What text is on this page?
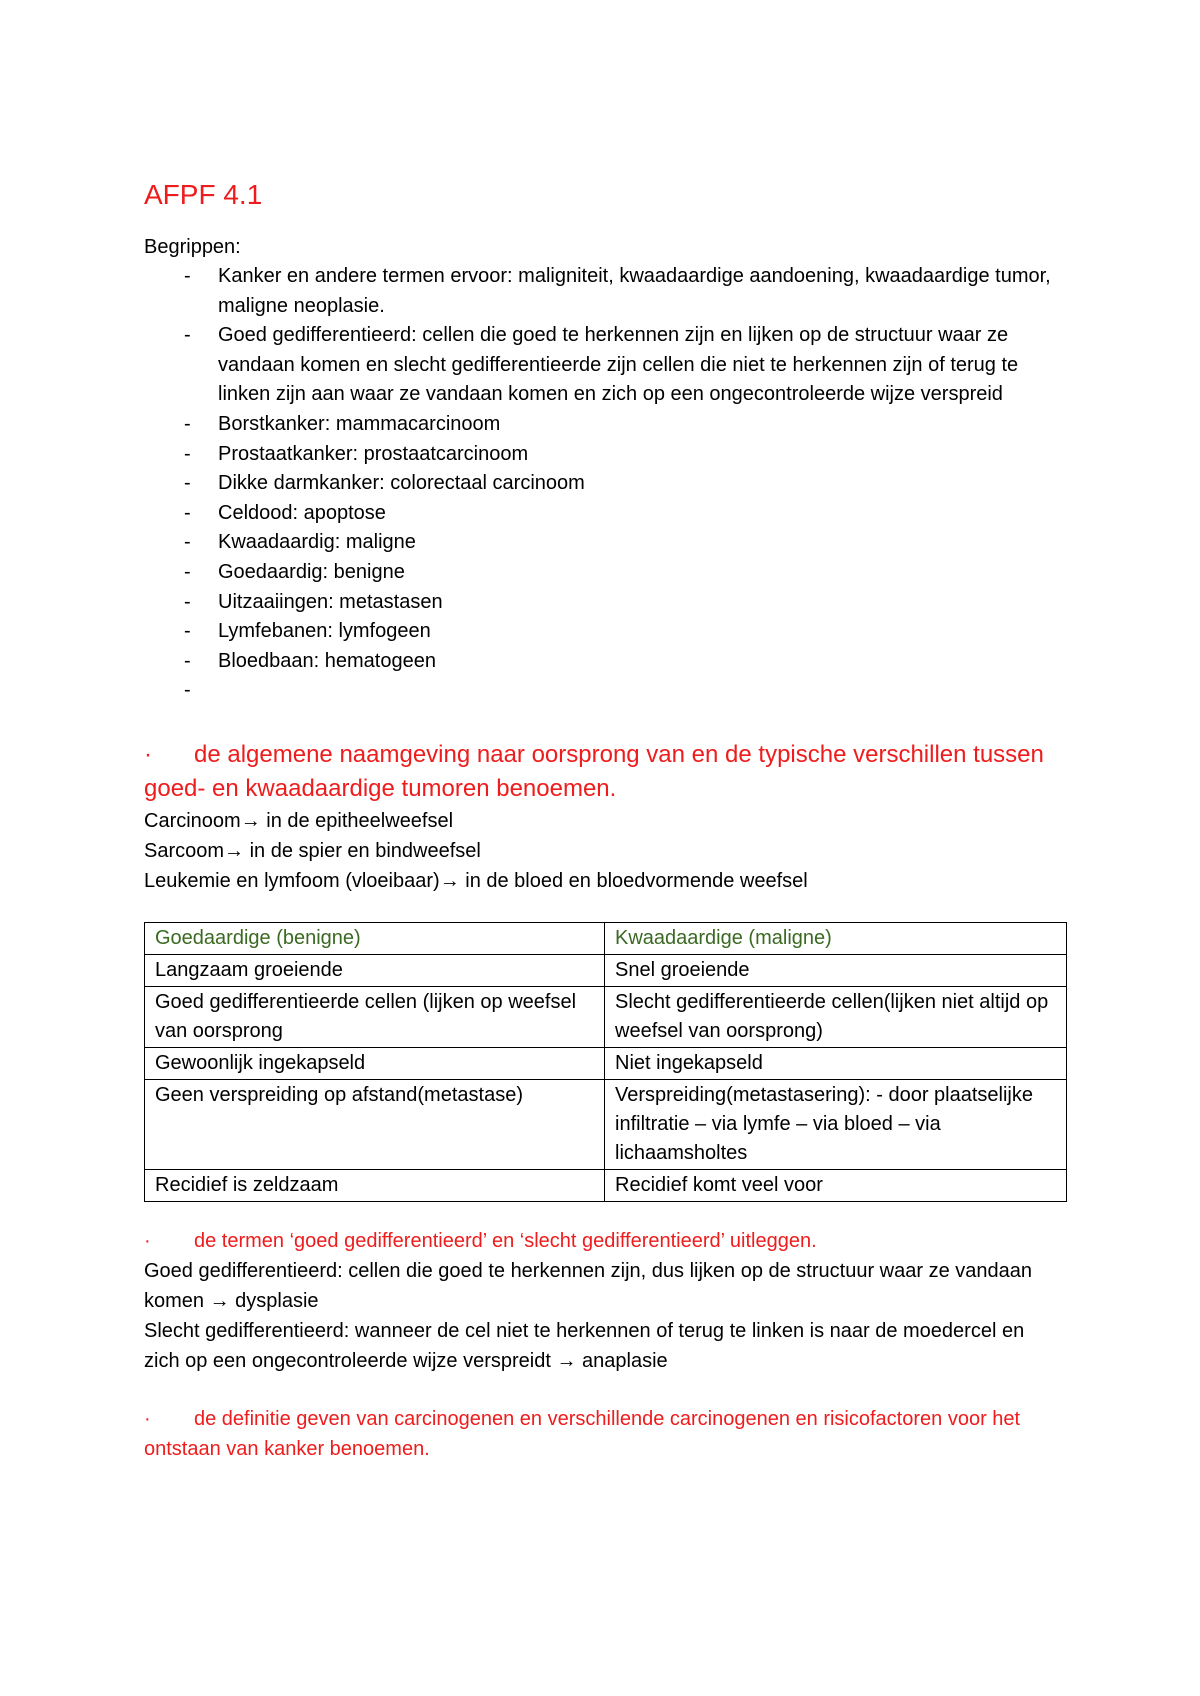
AFPF 4.1

Begrippen:

- Kanker en andere termen ervoor: maligniteit, kwaadaardige aandoening, kwaadaardige tumor, maligne neoplasie.
- Goed gedifferentieerd: cellen die goed te herkennen zijn en lijken op de structuur waar ze vandaan komen en slecht gedifferentieerde zijn cellen die niet te herkennen zijn of terug te linken zijn aan waar ze vandaan komen en zich op een ongecontroleerde wijze verspreid
- Borstkanker: mammacarcinoom
- Prostaatkanker: prostaatcarcinoom
- Dikke darmkanker: colorectaal carcinoom
- Celdood: apoptose
- Kwaadaardig: maligne
- Goedaardig: benigne
- Uitzaaiingen: metastasen
- Lymfebanen: lymfogeen
- Bloedbaan: hematogeen
-

·	de algemene naamgeving naar oorsprong van en de typische verschillen tussen goed- en kwaadaardige tumoren benoemen.

Carcinoom→ in de epitheelweefsel

Sarcoom→ in de spier en bindweefsel

Leukemie en lymfoom (vloeibaar)→ in de bloed en bloedvormende weefsel

Goedaardige (benigne)	Kwaadaardige (maligne)
Langzaam groeiende	Snel groeiende
Goed gedifferentieerde cellen (lijken op weefsel van oorsprong	Slecht gedifferentieerde cellen(lijken niet altijd op weefsel van oorsprong)
Gewoonlijk ingekapseld	Niet ingekapseld
Geen verspreiding op afstand(metastase)	Verspreiding(metastasering): - door plaatselijke infiltratie – via lymfe – via bloed – via lichaamsholtes
Recidief is zeldzaam	Recidief komt veel voor

·	de termen ‘goed gedifferentieerd’ en ‘slecht gedifferentieerd’ uitleggen.

Goed gedifferentieerd: cellen die goed te herkennen zijn, dus lijken op de structuur waar ze vandaan komen → dysplasie

Slecht gedifferentieerd: wanneer de cel niet te herkennen of terug te linken is naar de moedercel en zich op een ongecontroleerde wijze verspreidt → anaplasie

·	de definitie geven van carcinogenen en verschillende carcinogenen en risicofactoren voor het ontstaan van kanker benoemen.
